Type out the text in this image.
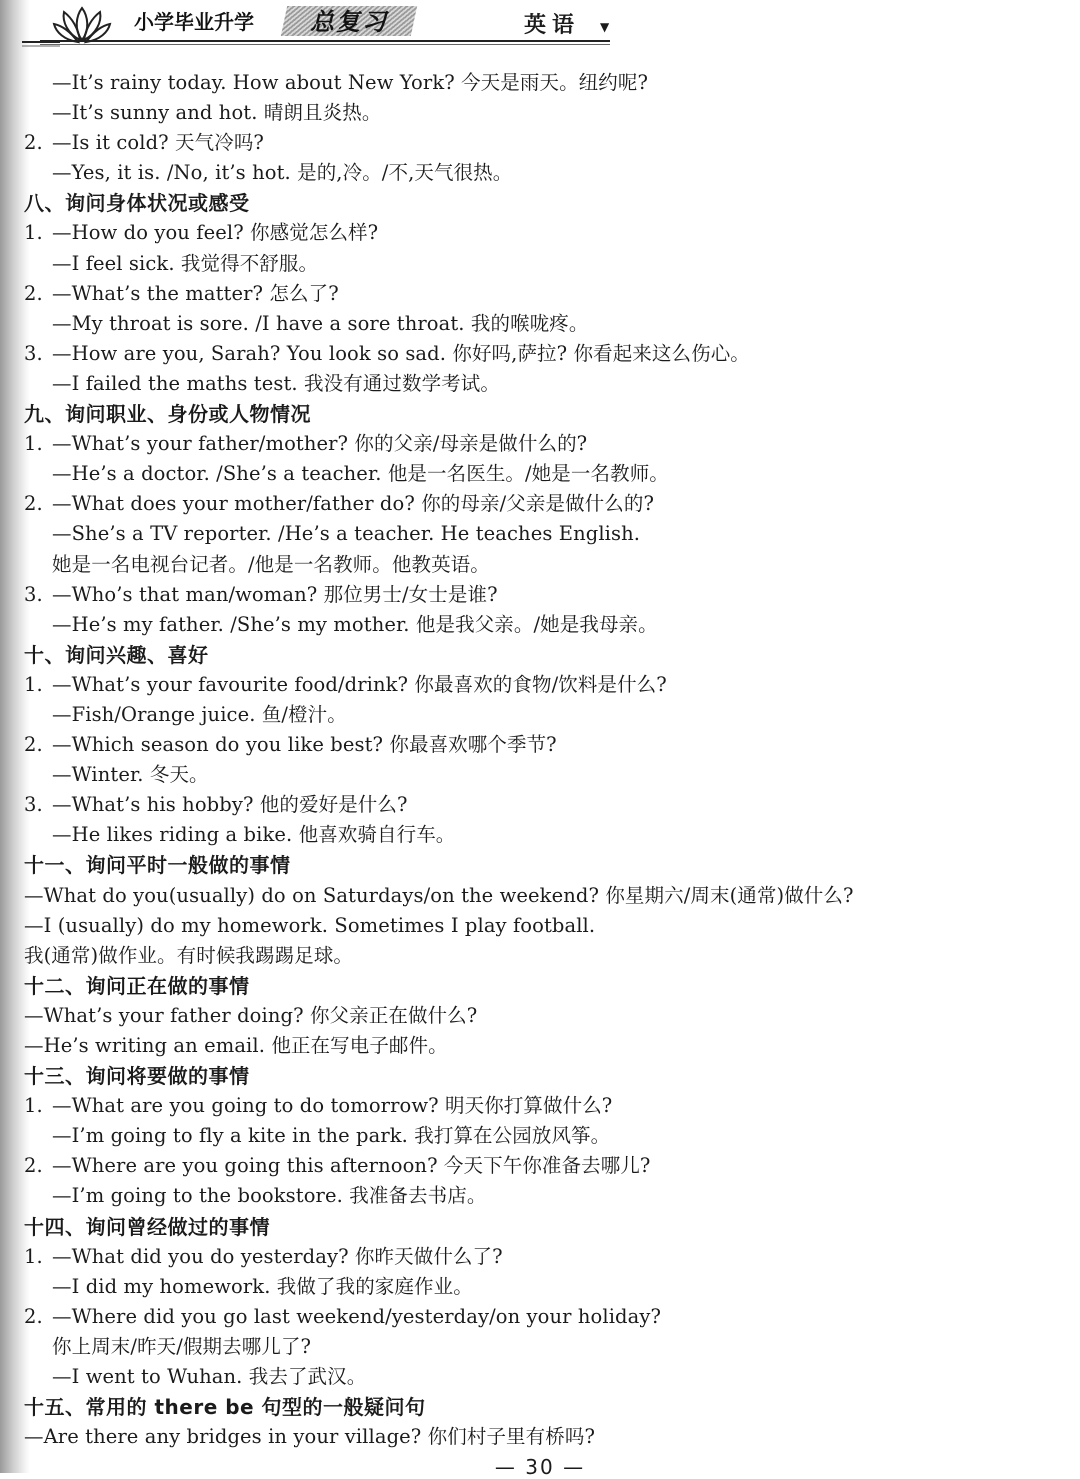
小学毕业升学 总复习	英语 ▼
—It’s rainy today. How about New York? 今天是雨天。纽约呢?
—It’s sunny and hot. 晴朗且炎热。
2. —Is it cold? 天气冷吗?
—Yes, it is. /No, it’s hot. 是的,冷。/不,天气很热。
八、询问身体状况或感受
1. —How do you feel? 你感觉怎么样?
—I feel sick. 我觉得不舒服。
2. —What’s the matter? 怎么了?
—My throat is sore. /I have a sore throat. 我的喉咙疼。
3. —How are you, Sarah? You look so sad. 你好吗,萨拉? 你看起来这么伤心。
—I failed the maths test. 我没有通过数学考试。
九、询问职业、身份或人物情况
1. —What’s your father/mother? 你的父亲/母亲是做什么的?
—He’s a doctor. /She’s a teacher. 他是一名医生。/她是一名教师。
2. —What does your mother/father do? 你的母亲/父亲是做什么的?
—She’s a TV reporter. /He’s a teacher. He teaches English.
她是一名电视台记者。/他是一名教师。他教英语。
3. —Who’s that man/woman? 那位男士/女士是谁?
—He’s my father. /She’s my mother. 他是我父亲。/她是我母亲。
十、询问兴趣、喜好
1. —What’s your favourite food/drink? 你最喜欢的食物/饮料是什么?
—Fish/Orange juice. 鱼/橙汁。
2. —Which season do you like best? 你最喜欢哪个季节?
—Winter. 冬天。
3. —What’s his hobby? 他的爱好是什么?
—He likes riding a bike. 他喜欢骑自行车。
十一、询问平时一般做的事情
—What do you(usually) do on Saturdays/on the weekend? 你星期六/周末(通常)做什么?
—I (usually) do my homework. Sometimes I play football.
我(通常)做作业。有时候我踢踢足球。
十二、询问正在做的事情
—What’s your father doing? 你父亲正在做什么?
—He’s writing an email. 他正在写电子邮件。
十三、询问将要做的事情
1. —What are you going to do tomorrow? 明天你打算做什么?
—I’m going to fly a kite in the park. 我打算在公园放风筝。
2. —Where are you going this afternoon? 今天下午你准备去哪儿?
—I’m going to the bookstore. 我准备去书店。
十四、询问曾经做过的事情
1. —What did you do yesterday? 你昨天做什么了?
—I did my homework. 我做了我的家庭作业。
2. —Where did you go last weekend/yesterday/on your holiday?
你上周末/昨天/假期去哪儿了?
—I went to Wuhan. 我去了武汉。
十五、常用的 there be 句型的一般疑问句
—Are there any bridges in your village? 你们村子里有桥吗?
— 30 —
